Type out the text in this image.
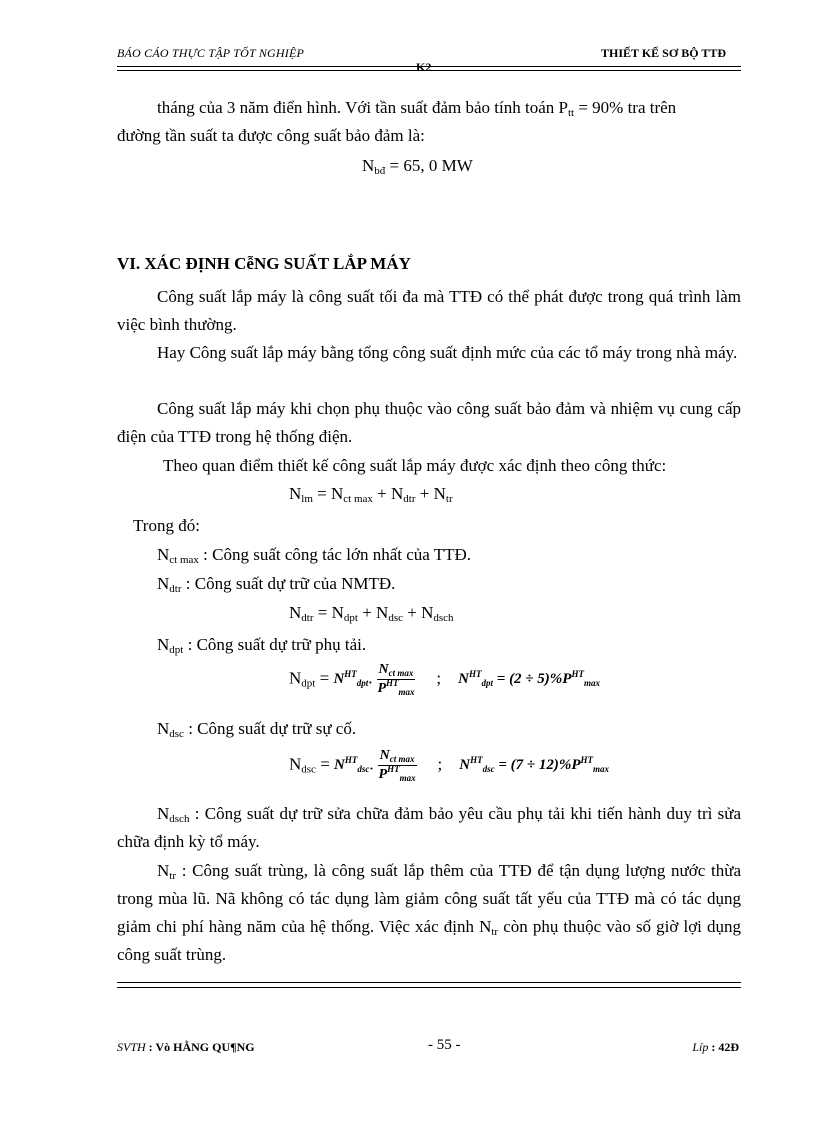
BÁO CÁO THỰC TẬP TỐT NGHIỆP	THIẾT KẾ SƠ BỘ TTĐ
K2
tháng của 3 năm điển hình. Với tần suất đảm bảo tính toán $P_{tt} = 90\%$ tra trên
đường tần suất ta được công suất bảo đảm là:
$N_{bđ} = 65$, 0 MW
VI. XÁC ĐỊNH CễNG SUẤT LẮP MÁY
Công suất lắp máy là công suất tối đa mà TTĐ có thể phát được trong quá trình làm việc bình thường.
Hay Công suất lắp máy bằng tổng công suất định mức của các tổ máy trong nhà máy.
Công suất lắp máy khi chọn phụ thuộc vào công suất bảo đảm và nhiệm vụ cung cấp điện của TTĐ trong hệ thống điện.
Theo quan điểm thiết kế công suất lắp máy được xác định theo công thức:
$N_{lm} = N_{ct max} + N_{dtr} + N_{tr}$
Trong đó:
$N_{ct max}$ : Công suất công tác lớn nhất của TTĐ.
$N_{dtr}$ : Công suất dự trữ của NMTĐ.
$N_{dtr} = N_{dpt} + N_{dsc} + N_{dsch}$
$N_{dpt}$ : Công suất dự trữ phụ tải.
$N_{dpt} = N^{HT}_{dpt}$. $\frac{N_{ct max}}{P^{HT}_{max}}$ ;    $N^{HT}_{dpt} = (2 \div 5)\%P^{HT}_{max}$
$N_{dsc}$ : Công suất dự trữ sự cố.
$N_{dsc} = N^{HT}_{dsc}$. $\frac{N_{ct max}}{P^{HT}_{max}}$ ;    $N^{HT}_{dsc} = (7 \div 12)\%P^{HT}_{max}$
$N_{dsch}$ : Công suất dự trữ sửa chữa đảm bảo yêu cầu phụ tải khi tiến hành duy trì sửa chữa định kỳ tổ máy.
$N_{tr}$ : Công suất trùng, là công suất lắp thêm của TTĐ để tận dụng lượng nước thừa trong mùa lũ. Nã không có tác dụng làm giảm công suất tất yếu của TTĐ mà có tác dụng giảm chi phí hàng năm của hệ thống. Việc xác định $N_{tr}$ còn phụ thuộc vào số giờ lợi dụng công suất trùng.
SVTH : Vò HẰNG QU¶NG	- 55 -	Líp : 42Đ
